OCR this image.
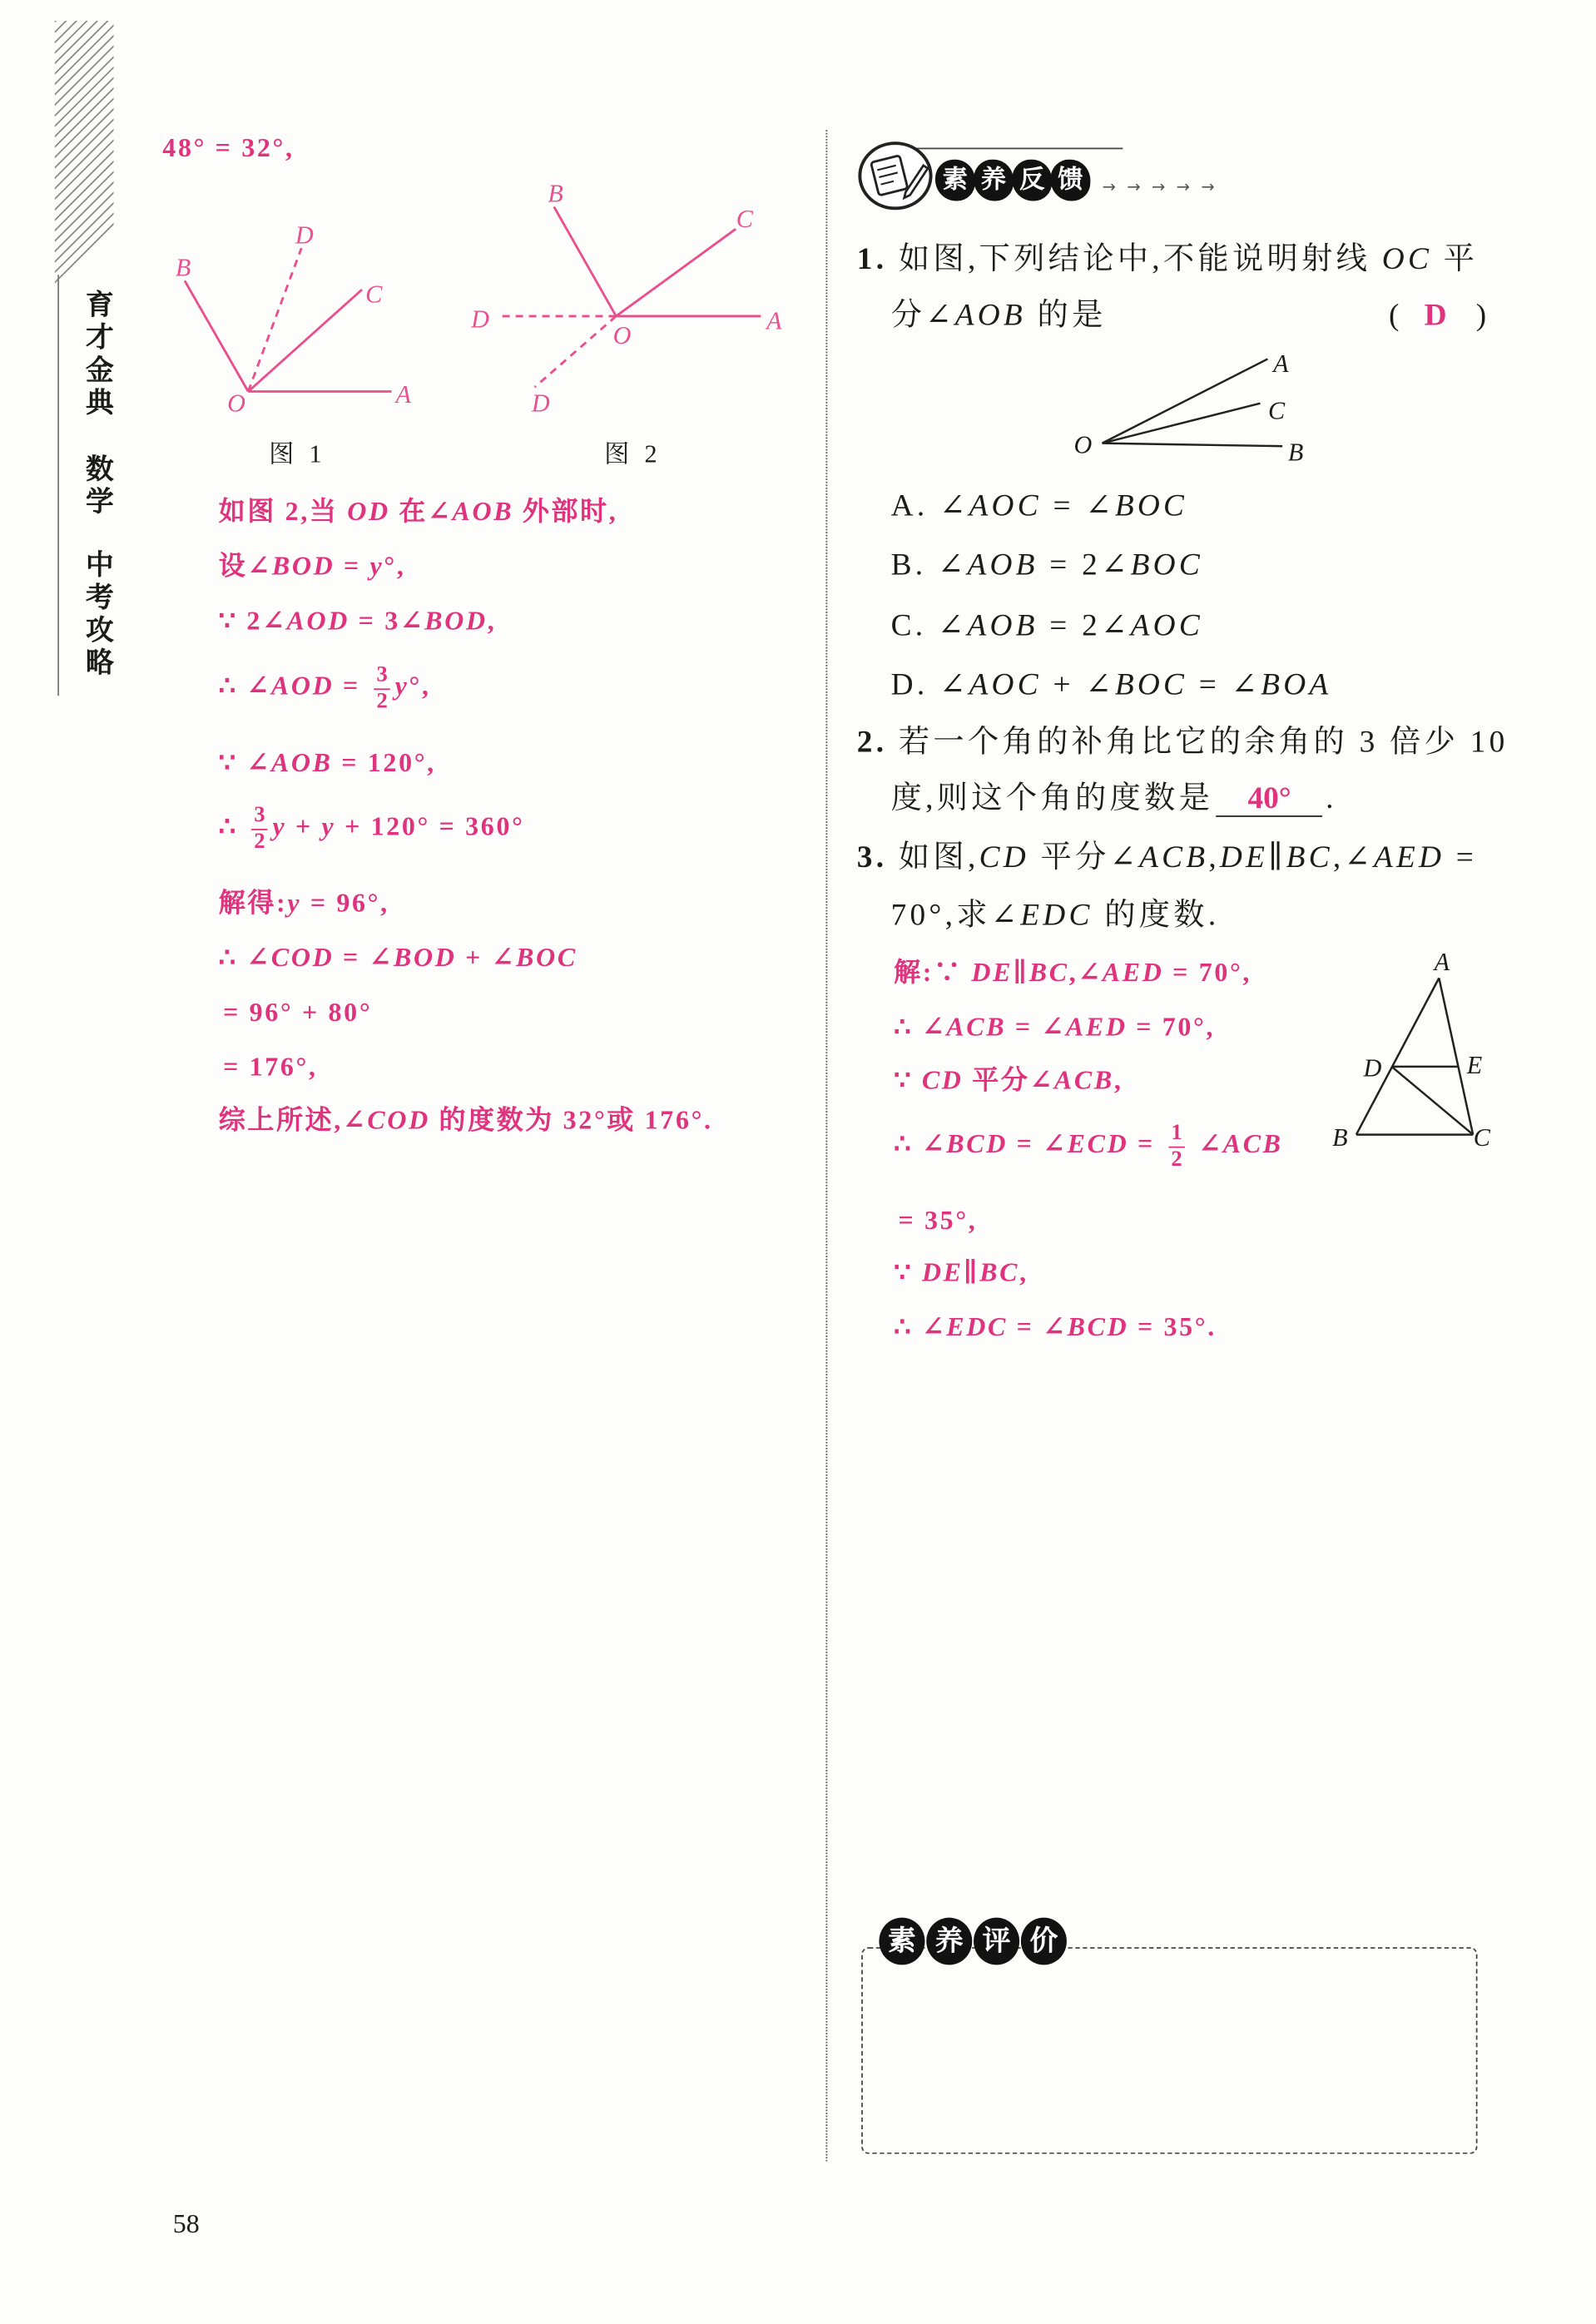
育才金典
数学
中考攻略
48° = 32°,
B
D
C
O	A
B
C
D	A
O
D
图 1	图 2
如图 2,当 OD 在∠AOB 外部时,
设∠BOD = y°,
∵ 2∠AOD = 3∠BOD,
∴ ∠AOD = $\frac{3}{2} y^\circ$,
∵ ∠AOB = 120°,
∴ $\frac{3}{2}$ y + y + 120° = 360°
解得:y = 96°,
∴ ∠COD = ∠BOD + ∠BOC
= 96° + 80°
= 176°,
综上所述,∠COD 的度数为 32°或 176°.
素 养 反 馈	→ → → → →
1. 如图,下列结论中,不能说明射线 OC 平
分∠AOB 的是	( D )
O
A
C
B
A. ∠AOC = ∠BOC
B. ∠AOB = 2∠BOC
C. ∠AOB = 2∠AOC
D. ∠AOC + ∠BOC = ∠BOA
2. 若一个角的补角比它的余角的 3 倍少 10
度,则这个角的度数是 40° .
3. 如图,CD 平分∠ACB,DE∥BC,∠AED =
70°,求∠EDC 的度数.
解:∵ DE∥BC,∠AED = 70°,
∴ ∠ACB = ∠AED = 70°,
∵ CD 平分∠ACB,
∴ ∠BCD = ∠ECD = $\frac{1}{2}$ ∠ACB
= 35°,
∵ DE∥BC,
∴ ∠EDC = ∠BCD = 35°.
A
D	E
B	C
素	养	评	价
58
